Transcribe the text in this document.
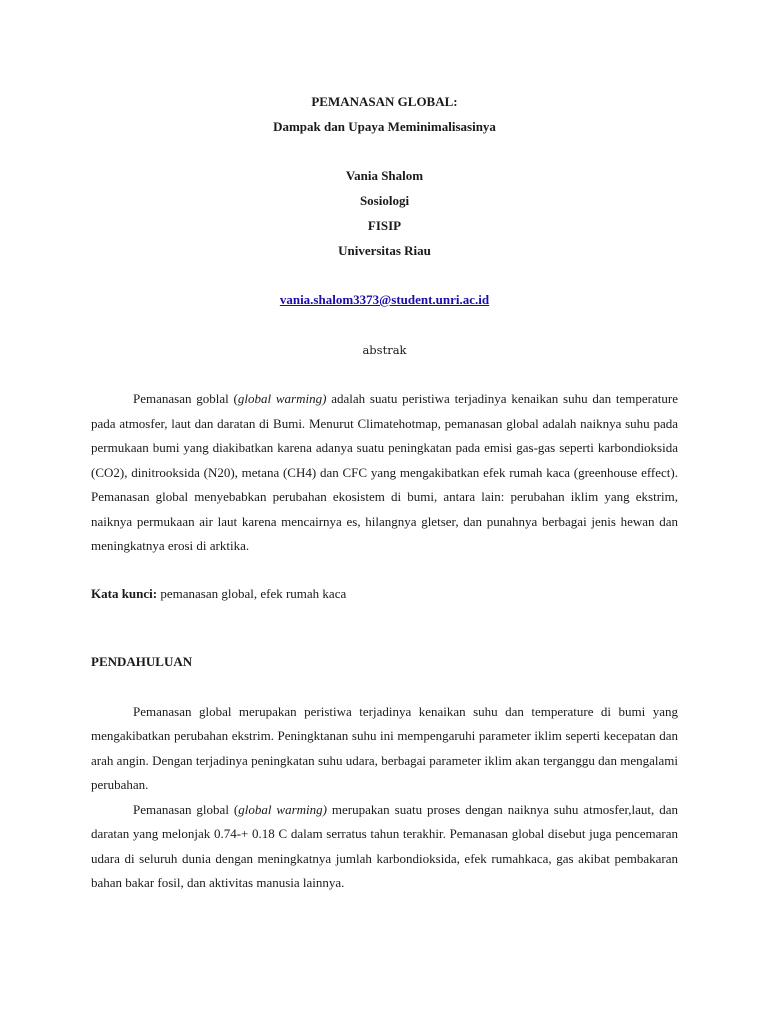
PEMANASAN GLOBAL:
Dampak dan Upaya Meminimalisasinya
Vania Shalom
Sosiologi
FISIP
Universitas Riau
vania.shalom3373@student.unri.ac.id
abstrak

Pemanasan goblal (global warming) adalah suatu peristiwa terjadinya kenaikan suhu dan temperature pada atmosfer, laut dan daratan di Bumi. Menurut Climatehotmap, pemanasan global adalah naiknya suhu pada permukaan bumi yang diakibatkan karena adanya suatu peningkatan pada emisi gas-gas seperti karbondioksida (CO2), dinitrooksida (N20), metana (CH4) dan CFC yang mengakibatkan efek rumah kaca (greenhouse effect). Pemanasan global menyebabkan perubahan ekosistem di bumi, antara lain: perubahan iklim yang ekstrim, naiknya permukaan air laut karena mencairnya es, hilangnya gletser, dan punahnya berbagai jenis hewan dan meningkatnya erosi di arktika.

Kata kunci: pemanasan global, efek rumah kaca

PENDAHULUAN

Pemanasan global merupakan peristiwa terjadinya kenaikan suhu dan temperature di bumi yang mengakibatkan perubahan ekstrim. Peningktanan suhu ini mempengaruhi parameter iklim seperti kecepatan dan arah angin. Dengan terjadinya peningkatan suhu udara, berbagai parameter iklim akan terganggu dan mengalami perubahan.

Pemanasan global (global warming) merupakan suatu proses dengan naiknya suhu atmosfer,laut, dan daratan yang melonjak 0.74-+ 0.18 C dalam serratus tahun terakhir. Pemanasan global disebut juga pencemaran udara di seluruh dunia dengan meningkatnya jumlah karbondioksida, efek rumahkaca, gas akibat pembakaran bahan bakar fosil, dan aktivitas manusia lainnya.
